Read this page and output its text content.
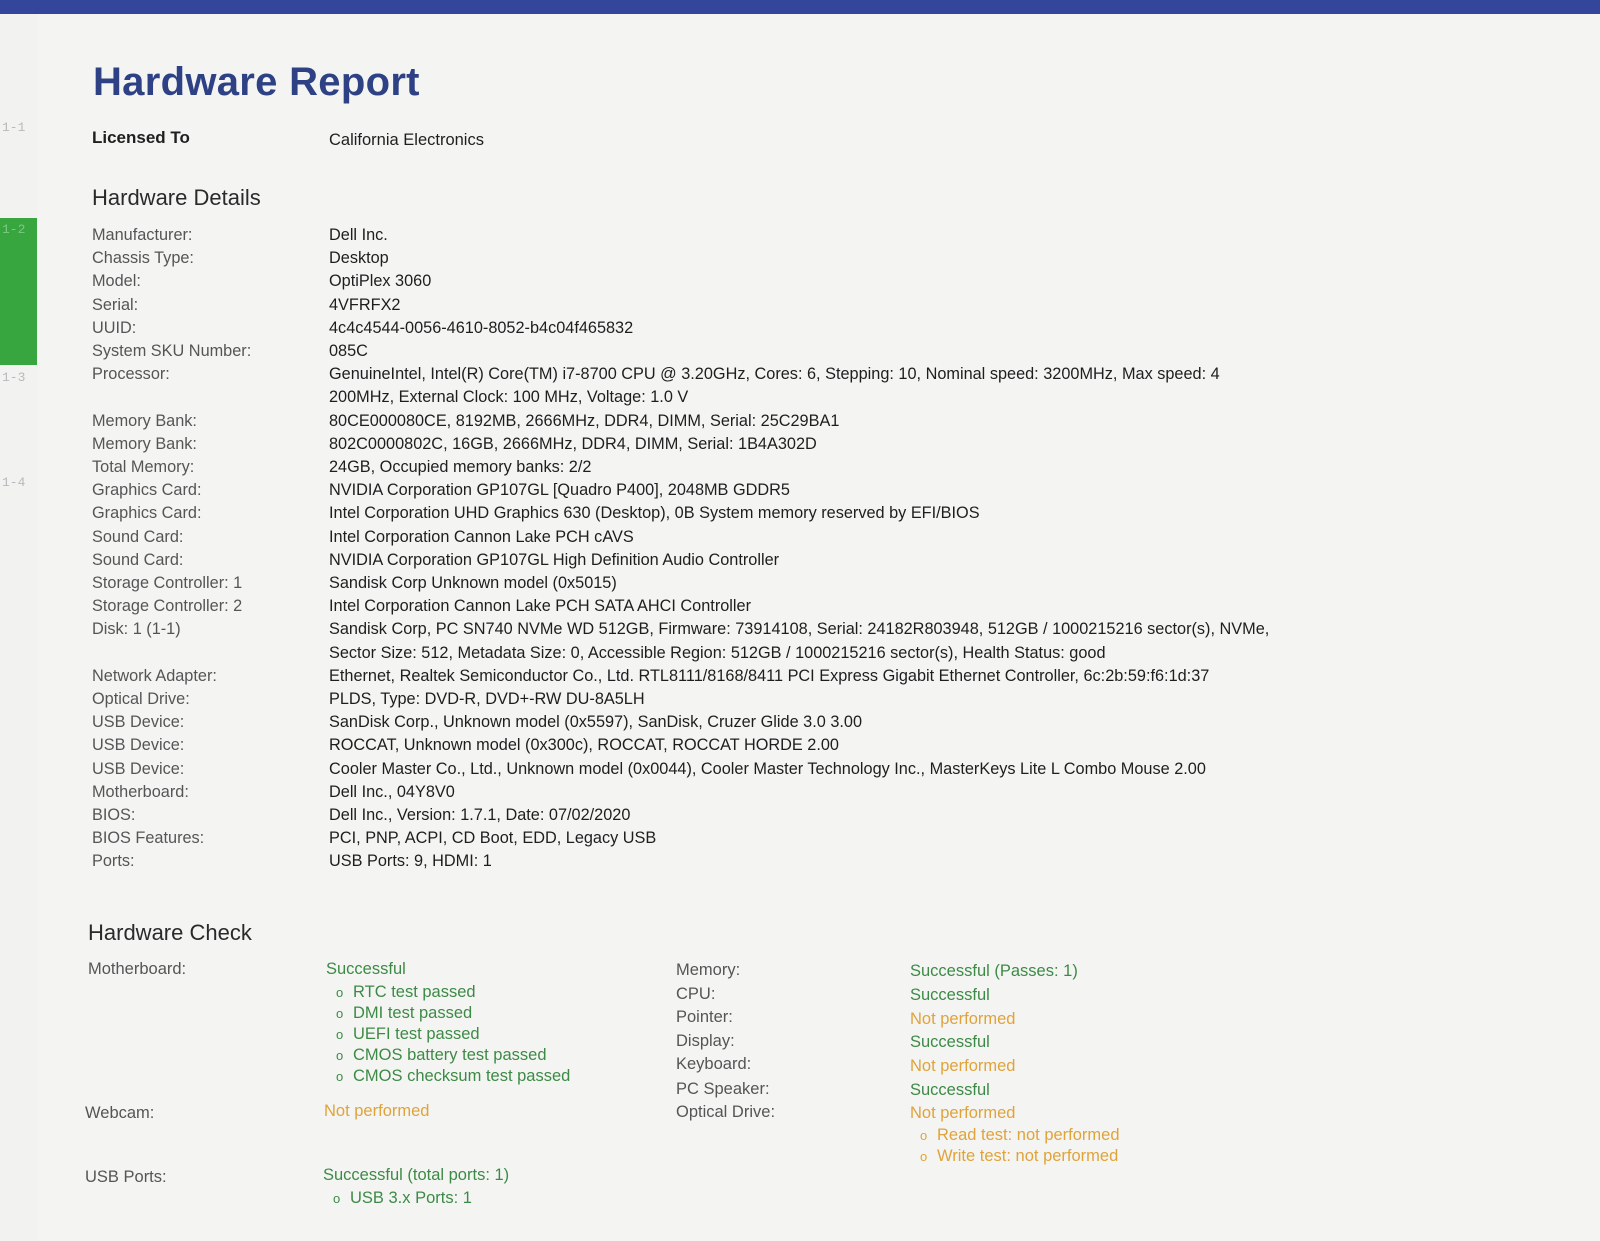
1-1
1-2
1-3
1-4
Hardware Report
Licensed To	California Electronics
Hardware Details
Manufacturer:	Dell Inc.
Chassis Type:	Desktop
Model:	OptiPlex 3060
Serial:	4VFRFX2
UUID:	4c4c4544-0056-4610-8052-b4c04f465832
System SKU Number:	085C
Processor:	GenuineIntel, Intel(R) Core(TM) i7-8700 CPU @ 3.20GHz, Cores: 6, Stepping: 10, Nominal speed: 3200MHz, Max speed: 4 200MHz, External Clock: 100 MHz, Voltage: 1.0 V
Memory Bank:	80CE000080CE, 8192MB, 2666MHz, DDR4, DIMM, Serial: 25C29BA1
Memory Bank:	802C0000802C, 16GB, 2666MHz, DDR4, DIMM, Serial: 1B4A302D
Total Memory:	24GB, Occupied memory banks: 2/2
Graphics Card:	NVIDIA Corporation GP107GL [Quadro P400], 2048MB GDDR5
Graphics Card:	Intel Corporation UHD Graphics 630 (Desktop), 0B System memory reserved by EFI/BIOS
Sound Card:	Intel Corporation Cannon Lake PCH cAVS
Sound Card:	NVIDIA Corporation GP107GL High Definition Audio Controller
Storage Controller: 1	Sandisk Corp Unknown model (0x5015)
Storage Controller: 2	Intel Corporation Cannon Lake PCH SATA AHCI Controller
Disk: 1 (1-1)	Sandisk Corp, PC SN740 NVMe WD 512GB, Firmware: 73914108, Serial: 24182R803948, 512GB / 1000215216 sector(s), NVMe, Sector Size: 512, Metadata Size: 0, Accessible Region: 512GB / 1000215216 sector(s), Health Status: good
Network Adapter:	Ethernet, Realtek Semiconductor Co., Ltd. RTL8111/8168/8411 PCI Express Gigabit Ethernet Controller, 6c:2b:59:f6:1d:37
Optical Drive:	PLDS, Type: DVD-R, DVD+-RW DU-8A5LH
USB Device:	SanDisk Corp., Unknown model (0x5597), SanDisk, Cruzer Glide 3.0 3.00
USB Device:	ROCCAT, Unknown model (0x300c), ROCCAT, ROCCAT HORDE 2.00
USB Device:	Cooler Master Co., Ltd., Unknown model (0x0044), Cooler Master Technology Inc., MasterKeys Lite L Combo Mouse 2.00
Motherboard:	Dell Inc., 04Y8V0
BIOS:	Dell Inc., Version: 1.7.1, Date: 07/02/2020
BIOS Features:	PCI, PNP, ACPI, CD Boot, EDD, Legacy USB
Ports:	USB Ports: 9, HDMI: 1
Hardware Check
Motherboard:	Successful
o RTC test passed
o DMI test passed
o UEFI test passed
o CMOS battery test passed
o CMOS checksum test passed
Webcam:	Not performed
USB Ports:	Successful (total ports: 1)
o USB 3.x Ports: 1
Memory:	Successful (Passes: 1)
CPU:	Successful
Pointer:	Not performed
Display:	Successful
Keyboard:	Not performed
PC Speaker:	Successful
Optical Drive:	Not performed
o Read test: not performed
o Write test: not performed
